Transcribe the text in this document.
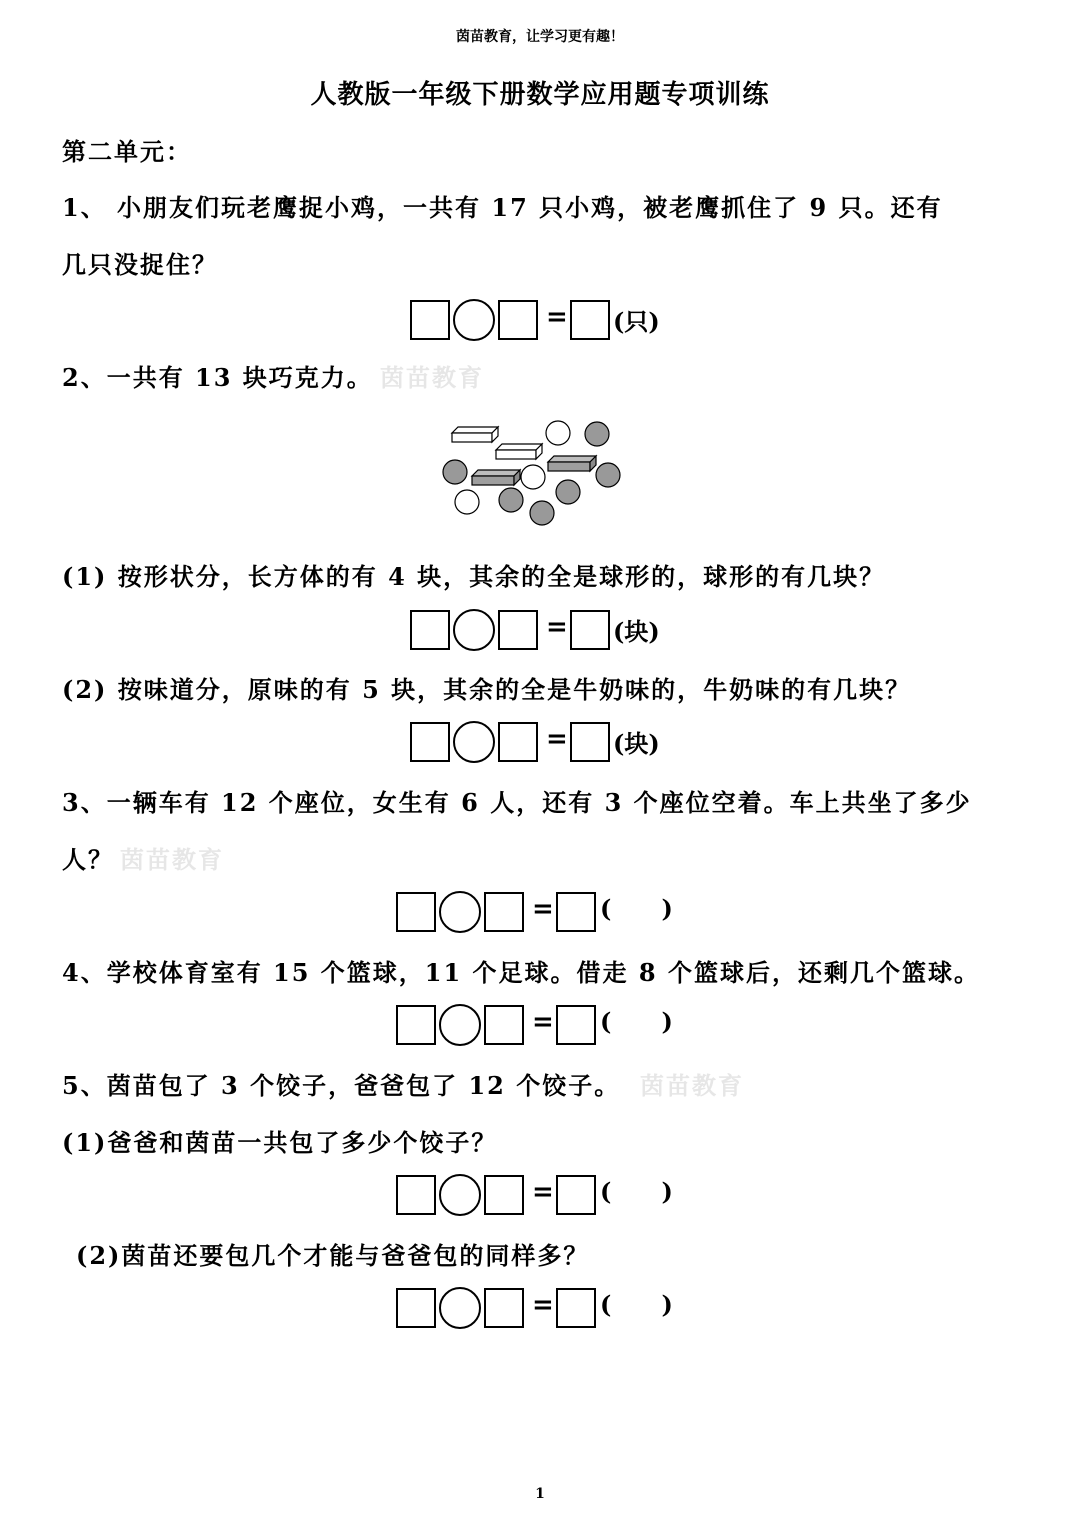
茵苗教育，让学习更有趣！
人教版一年级下册数学应用题专项训练
第二单元：
1、 小朋友们玩老鹰捉小鸡，一共有 17 只小鸡，被老鹰抓住了 9 只。还有
几只没捉住？
= (只)
2、一共有 13 块巧克力。 茵苗教育
(1) 按形状分，长方体的有 4 块，其余的全是球形的，球形的有几块？
= (块)
(2) 按味道分，原味的有 5 块，其余的全是牛奶味的，牛奶味的有几块？
= (块)
3、一辆车有 12 个座位，女生有 6 人，还有 3 个座位空着。车上共坐了多少
人？ 茵苗教育
= (      )
4、学校体育室有 15 个篮球，11 个足球。借走 8 个篮球后，还剩几个篮球。
= (      )
5、茵苗包了 3 个饺子，爸爸包了 12 个饺子。 茵苗教育
(1)爸爸和茵苗一共包了多少个饺子？
= (      )
(2)茵苗还要包几个才能与爸爸包的同样多？
= (      )
1
